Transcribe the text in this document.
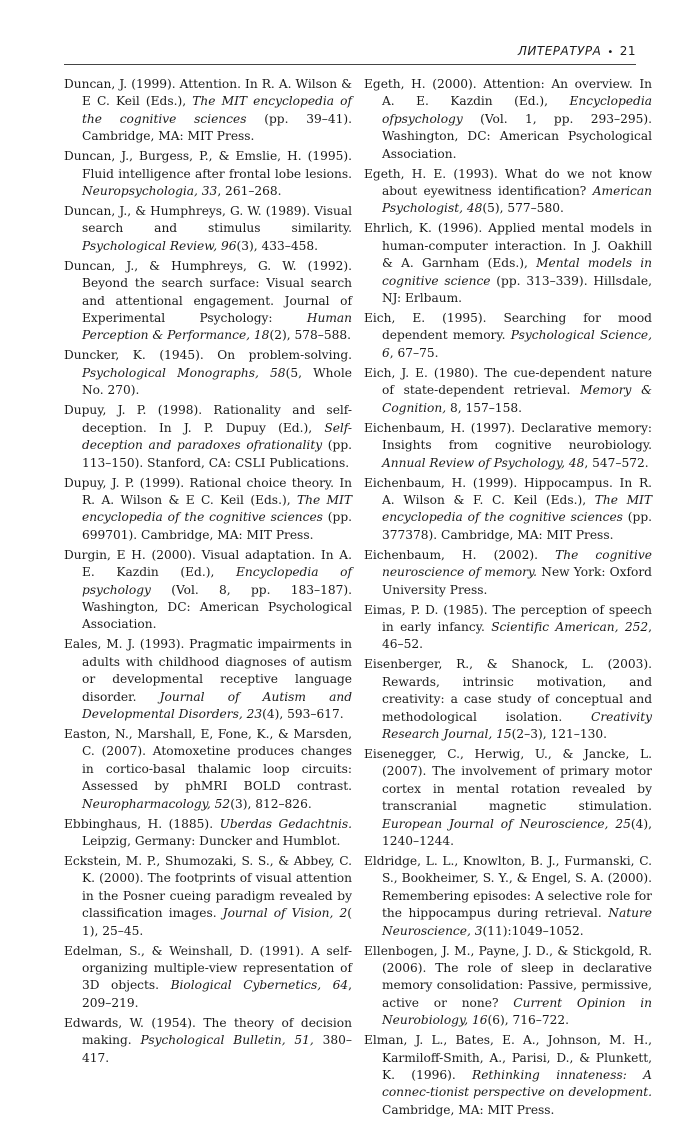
ЛИТЕРАТУРА • 21

Duncan, J. (1999). Attention. In R. A. Wilson & E C. Keil (Eds.), The MIT encyclopedia of the cognitive sciences (pp. 39–41). Cambridge, MA: MIT Press.

Duncan, J., Burgess, P., & Emslie, H. (1995). Fluid intelligence after frontal lobe lesions. Neuropsychologia, 33, 261–268.

Duncan, J., & Humphreys, G. W. (1989). Visual search and stimulus similarity. Psychological Review, 96(3), 433–458.

Duncan, J., & Humphreys, G. W. (1992). Beyond the search surface: Visual search and attentional engagement. Journal of Experimental Psychology: Human Perception & Performance, 18(2), 578–588.

Duncker, K. (1945). On problem-solving. Psychological Monographs, 58(5, Whole No. 270).

Dupuy, J. P. (1998). Rationality and self-deception. In J. P. Dupuy (Ed.), Self-deception and paradoxes ofrationality (pp. 113–150). Stanford, CA: CSLI Publications.

Dupuy, J. P. (1999). Rational choice theory. In R. A. Wilson & E C. Keil (Eds.), The MIT encyclopedia of the cognitive sciences (pp. 699701). Cambridge, MA: MIT Press.

Durgin, E H. (2000). Visual adaptation. In A. E. Kazdin (Ed.), Encyclopedia of psychology (Vol. 8, pp. 183–187). Washington, DC: American Psychological Association.

Eales, M. J. (1993). Pragmatic impairments in adults with childhood diagnoses of autism or developmental receptive language disorder. Journal of Autism and Developmental Disorders, 23(4), 593–617.

Easton, N., Marshall, E, Fone, K., & Marsden, C. (2007). Atomoxetine produces changes in cortico-basal thalamic loop circuits: Assessed by phMRI BOLD contrast. Neuropharmacology, 52(3), 812–826.

Ebbinghaus, H. (1885). Uberdas Gedachtnis. Leipzig, Germany: Duncker and Humblot.

Eckstein, M. P., Shumozaki, S. S., & Abbey, C. K. (2000). The footprints of visual attention in the Posner cueing paradigm revealed by classification images. Journal of Vision, 2( 1), 25–45.

Edelman, S., & Weinshall, D. (1991). A self-organizing multiple-view representation of 3D objects. Biological Cybernetics, 64, 209–219.

Edwards, W. (1954). The theory of decision making. Psychological Bulletin, 51, 380–417.

Egeth, H. (2000). Attention: An overview. In A. E. Kazdin (Ed.), Encyclopedia ofpsychology (Vol. 1, pp. 293–295). Washington, DC: American Psychological Association.

Egeth, H. E. (1993). What do we not know about eyewitness identification? American Psychologist, 48(5), 577–580.

Ehrlich, K. (1996). Applied mental models in human-computer interaction. In J. Oakhill & A. Garnham (Eds.), Mental models in cognitive science (pp. 313–339). Hillsdale, NJ: Erlbaum.

Eich, E. (1995). Searching for mood dependent memory. Psychological Science, 6, 67–75.

Eich, J. E. (1980). The cue-dependent nature of state-dependent retrieval. Memory & Cognition, 8, 157–158.

Eichenbaum, H. (1997). Declarative memory: Insights from cognitive neurobiology. Annual Review of Psychology, 48, 547–572.

Eichenbaum, H. (1999). Hippocampus. In R. A. Wilson & F. C. Keil (Eds.), The MIT encyclopedia of the cognitive sciences (pp. 377378). Cambridge, MA: MIT Press.

Eichenbaum, H. (2002). The cognitive neuroscience of memory. New York: Oxford University Press.

Eimas, P. D. (1985). The perception of speech in early infancy. Scientific American, 252, 46–52.

Eisenberger, R., & Shanock, L. (2003). Rewards, intrinsic motivation, and creativity: a case study of conceptual and methodological isolation. Creativity Research Journal, 15(2–3), 121–130.

Eisenegger, C., Herwig, U., & Jancke, L. (2007). The involvement of primary motor cortex in mental rotation revealed by transcranial magnetic stimulation. European Journal of Neuroscience, 25(4), 1240–1244.

Eldridge, L. L., Knowlton, B. J., Furmanski, C. S., Bookheimer, S. Y., & Engel, S. A. (2000). Remembering episodes: A selective role for the hippocampus during retrieval. Nature Neuroscience, 3(11):1049–1052.

Ellenbogen, J. M., Payne, J. D., & Stickgold, R. (2006). The role of sleep in declarative memory consolidation: Passive, permissive, active or none? Current Opinion in Neurobiology, 16(6), 716–722.

Elman, J. L., Bates, E. A., Johnson, M. H., Karmiloff-Smith, A., Parisi, D., & Plunkett, K. (1996). Rethinking innateness: A connec-tionist perspective on development. Cambridge, MA: MIT Press.
